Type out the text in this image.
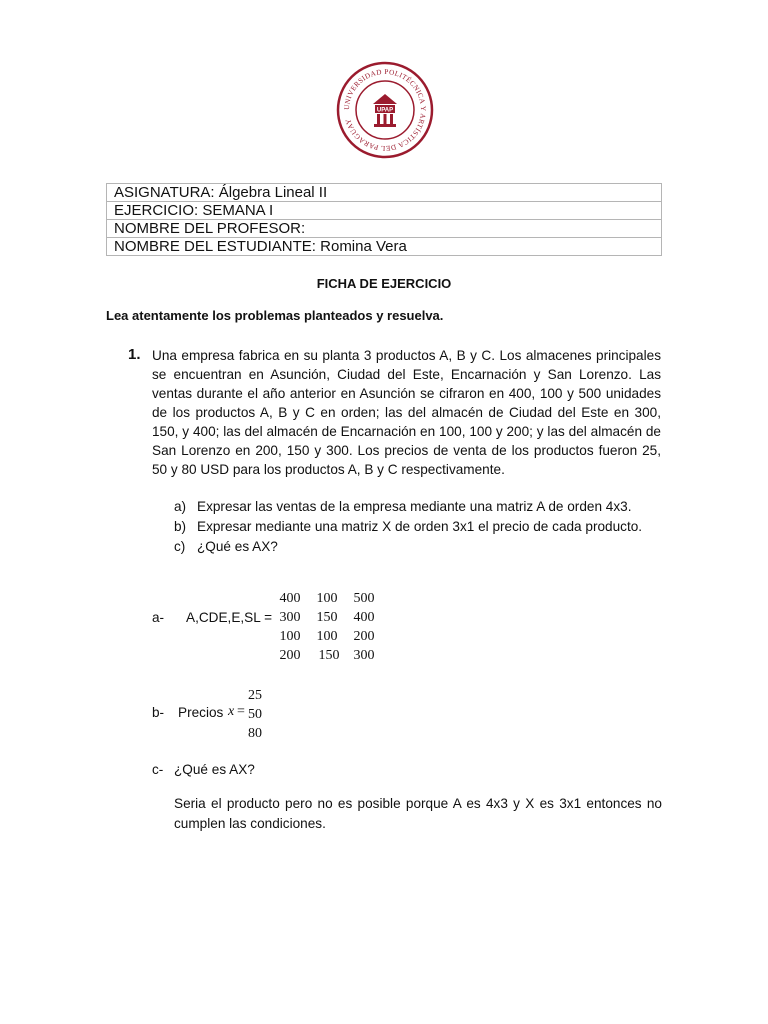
UNIVERSIDAD POLITÉCNICA Y ARTÍSTICA DEL PARAGUAY
UPAP
ASIGNATURA: Álgebra Lineal II
EJERCICIO: SEMANA I
NOMBRE DEL PROFESOR:
NOMBRE DEL ESTUDIANTE: Romina Vera
FICHA DE EJERCICIO
Lea atentamente los problemas planteados y resuelva.
1. Una empresa fabrica en su planta 3 productos A, B y C. Los almacenes principales se encuentran en Asunción, Ciudad del Este, Encarnación y San Lorenzo. Las ventas durante el año anterior en Asunción se cifraron en 400, 100 y 500 unidades de los productos A, B y C en orden; las del almacén de Ciudad del Este en 300, 150, y 400; las del almacén de Encarnación en 100, 100 y 200; y las del almacén de San Lorenzo en 200, 150 y 300. Los precios de venta de los productos fueron 25, 50 y 80 USD para los productos A, B y C respectivamente.

a) Expresar las ventas de la empresa mediante una matriz A de orden 4x3.
b) Expresar mediante una matriz X de orden 3x1 el precio de cada producto.
c) ¿Qué es AX?
a- A,CDE,E,SL =
400	100	500
300	150	400
100	100	200
200	150	300
b- Precios x =
25
50
80
c- ¿Qué es AX?

Seria el producto pero no es posible porque A es 4x3 y X es 3x1 entonces no cumplen las condiciones.
